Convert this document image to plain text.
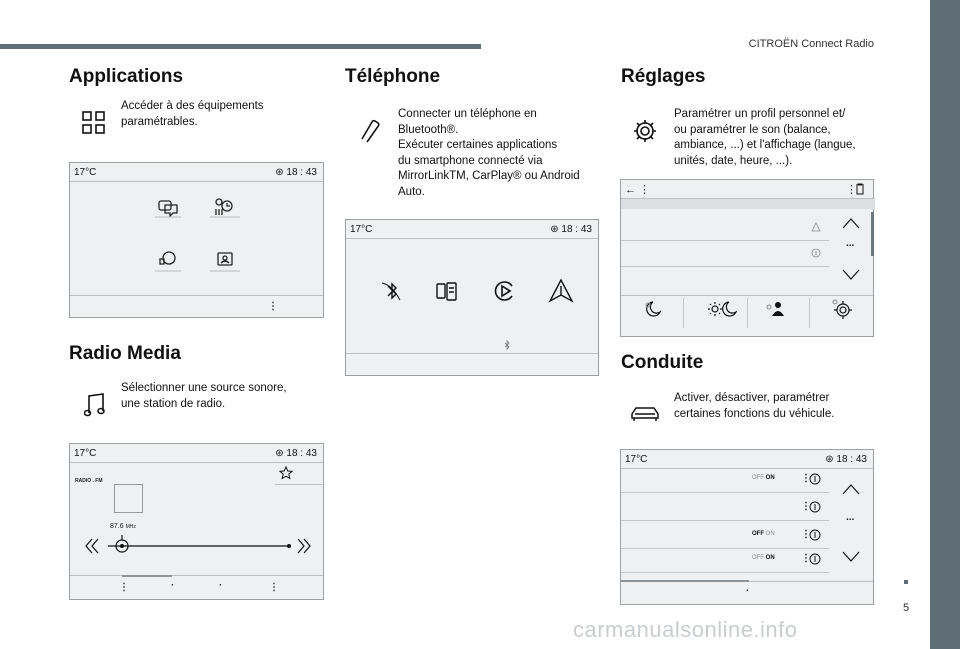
CITROËN Connect Radio
5
Applications
Accéder à des équipements
paramétrables.
17°C	⊛ 18 : 43
⋮
Radio Media
Sélectionner une source sonore,
une station de radio.
17°C	⊛ 18 : 43
RADIO . FM
87.6 MHz
⋮	·	·	⋮
Téléphone
Connecter un téléphone en
Bluetooth®.
Exécuter certaines applications
du smartphone connecté via
MirrorLinkTM, CarPlay® ou Android
Auto.
17°C	⊛ 18 : 43
Réglages
Paramétrer un profil personnel et/
ou paramétrer le son (balance,
ambiance, ...) et l'affichage (langue,
unités, date, heure, ...).
← ⋮	⋮
...
Conduite
Activer, désactiver, paramétrer
certaines fonctions du véhicule.
17°C	⊛ 18 : 43
OFF ON
OFF ON
OFF ON
⋮
⋮
⋮
⋮
...
.
carmanualsonline.info
